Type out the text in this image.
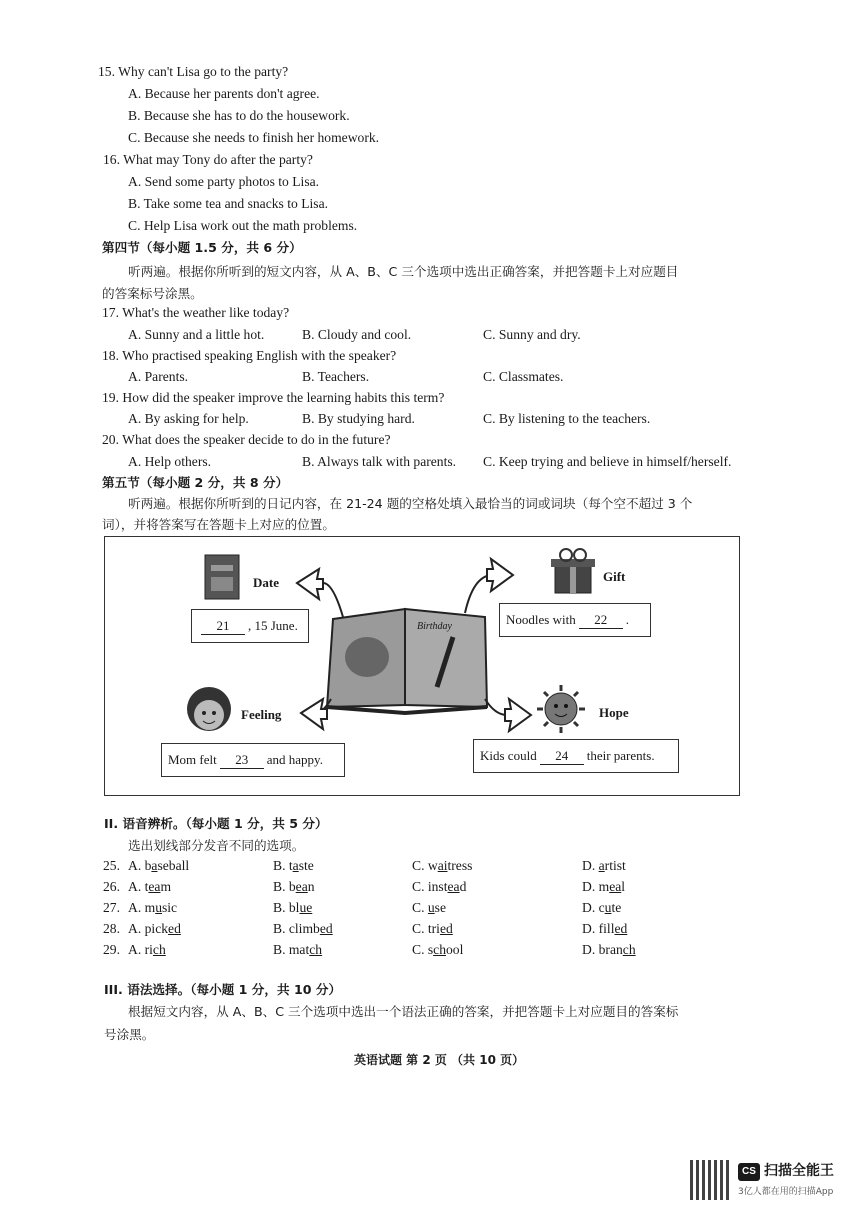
15. Why can't Lisa go to the party?
A. Because her parents don't agree.
B. Because she has to do the housework.
C. Because she needs to finish her homework.
16. What may Tony do after the party?
A. Send some party photos to Lisa.
B. Take some tea and snacks to Lisa.
C. Help Lisa work out the math problems.
第四节（每小题 1.5 分，共 6 分）
听两遍。根据你所听到的短文内容，从 A、B、C 三个选项中选出正确答案，并把答题卡上对应题目
的答案标号涂黑。
17. What's the weather like today?
A. Sunny and a little hot.	B. Cloudy and cool.	C. Sunny and dry.
18. Who practised speaking English with the speaker?
A. Parents.	B. Teachers.	C. Classmates.
19. How did the speaker improve the learning habits this term?
A. By asking for help.	B. By studying hard.	C. By listening to the teachers.
20. What does the speaker decide to do in the future?
A. Help others.	B. Always talk with parents. C. Keep trying and believe in himself/herself.
第五节（每小题 2 分，共 8 分）
听两遍。根据你所听到的日记内容，在 21-24 题的空格处填入最恰当的词或词块（每个空不超过 3 个
词），并将答案写在答题卡上对应的位置。
Date	Gift
Feeling	Hope
Birthday
21	, 15 June.	Noodles with	22	.
Mom felt	23	and happy.	Kids could	24	their parents.
II. 语音辨析。（每小题 1 分，共 5 分）
选出划线部分发音不同的选项。
25. A. baseball	B. taste	C. waitress	D. artist
26. A. team	B. bean	C. instead	D. meal
27. A. music	B. blue	C. use	D. cute
28. A. picked	B. climbed	C. tried	D. filled
29. A. rich	B. match	C. school	D. branch
III. 语法选择。（每小题 1 分，共 10 分）
根据短文内容，从 A、B、C 三个选项中选出一个语法正确的答案，并把答题卡上对应题目的答案标
号涂黑。
英语试题 第 2 页 （共 10 页）
CS 扫描全能王
3亿人都在用的扫描App
